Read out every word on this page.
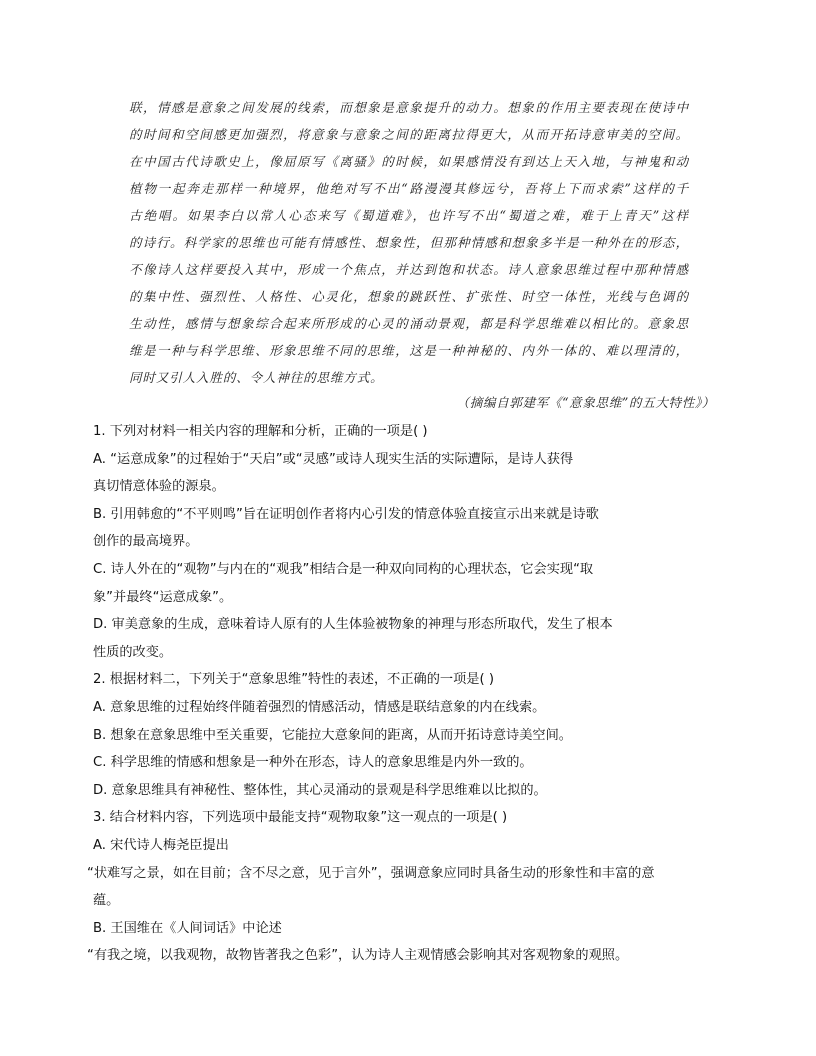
联，情感是意象之间发展的线索，而想象是意象提升的动力。想象的作用主要表现在使诗中
的时间和空间感更加强烈，将意象与意象之间的距离拉得更大，从而开拓诗意审美的空间。
在中国古代诗歌史上，像屈原写《离骚》的时候，如果感情没有到达上天入地，与神鬼和动
植物一起奔走那样一种境界，他绝对写不出“路漫漫其修远兮，吾将上下而求索”这样的千
古绝唱。如果李白以常人心态来写《蜀道难》，也许写不出“蜀道之难，难于上青天”这样
的诗行。科学家的思维也可能有情感性、想象性，但那种情感和想象多半是一种外在的形态，
不像诗人这样要投入其中，形成一个焦点，并达到饱和状态。诗人意象思维过程中那种情感
的集中性、强烈性、人格性、心灵化，想象的跳跃性、扩张性、时空一体性，光线与色调的
生动性，感情与想象综合起来所形成的心灵的涌动景观，都是科学思维难以相比的。意象思
维是一种与科学思维、形象思维不同的思维，这是一种神秘的、内外一体的、难以理清的，
同时又引人入胜的、令人神往的思维方式。
（摘编自郭建军《“意象思维”的五大特性》）
1. 下列对材料一相关内容的理解和分析，正确的一项是( )
A. “运意成象”的过程始于“天启”或“灵感”或诗人现实生活的实际遭际，是诗人获得
真切情意体验的源泉。
B. 引用韩愈的“不平则鸣”旨在证明创作者将内心引发的情意体验直接宣示出来就是诗歌
创作的最高境界。
C. 诗人外在的“观物”与内在的“观我”相结合是一种双向同构的心理状态，它会实现“取
象”并最终“运意成象”。
D. 审美意象的生成，意味着诗人原有的人生体验被物象的神理与形态所取代，发生了根本
性质的改变。
2. 根据材料二，下列关于“意象思维”特性的表述，不正确的一项是( )
A. 意象思维的过程始终伴随着强烈的情感活动，情感是联结意象的内在线索。
B. 想象在意象思维中至关重要，它能拉大意象间的距离，从而开拓诗意诗美空间。
C. 科学思维的情感和想象是一种外在形态，诗人的意象思维是内外一致的。
D. 意象思维具有神秘性、整体性，其心灵涌动的景观是科学思维难以比拟的。
3. 结合材料内容，下列选项中最能支持“观物取象”这一观点的一项是( )
A. 宋代诗人梅尧臣提出
“状难写之景，如在目前；含不尽之意，见于言外”，强调意象应同时具备生动的形象性和丰富的意
蕴。
B. 王国维在《人间词话》中论述
“有我之境，以我观物，故物皆著我之色彩”，认为诗人主观情感会影响其对客观物象的观照。
